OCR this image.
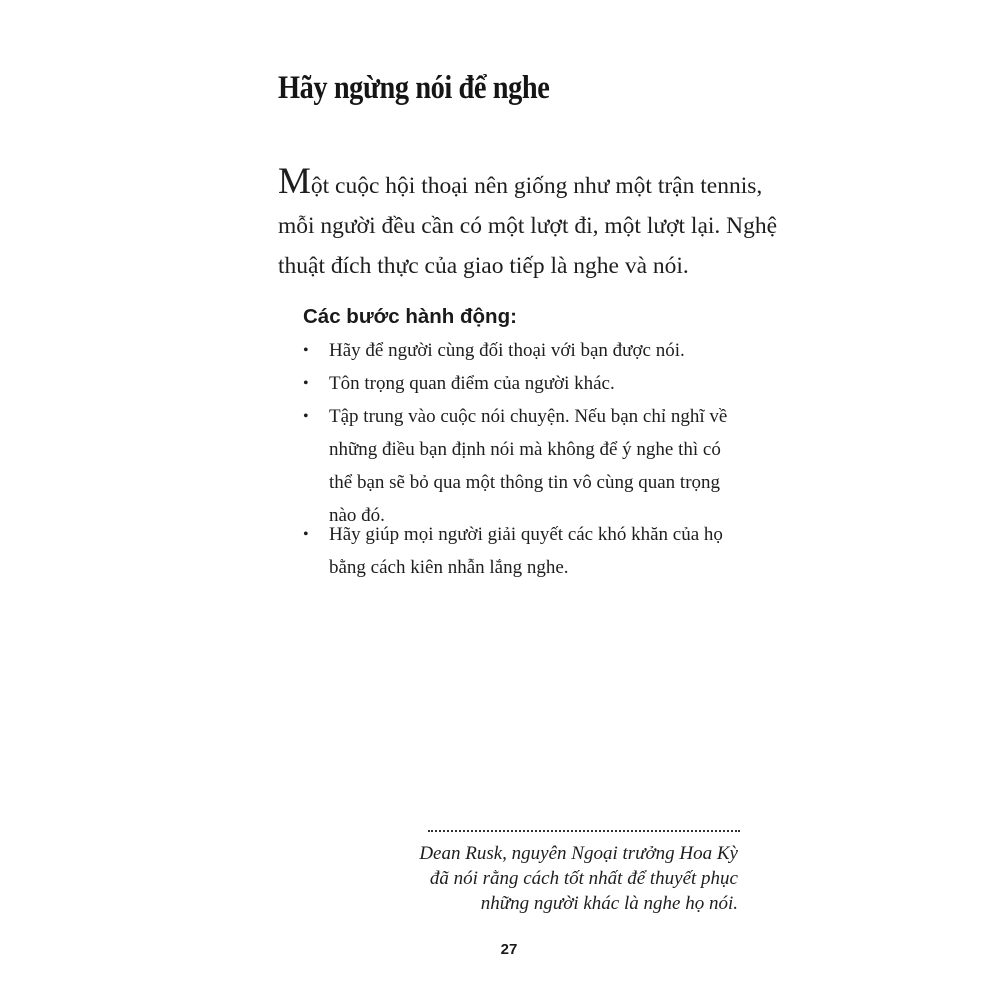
Hãy ngừng nói để nghe
Một cuộc hội thoại nên giống như một trận tennis,
mỗi người đều cần có một lượt đi, một lượt lại. Nghệ
thuật đích thực của giao tiếp là nghe và nói.
Các bước hành động:
• Hãy để người cùng đối thoại với bạn được nói.
• Tôn trọng quan điểm của người khác.
• Tập trung vào cuộc nói chuyện. Nếu bạn chỉ nghĩ về
những điều bạn định nói mà không để ý nghe thì có
thể bạn sẽ bỏ qua một thông tin vô cùng quan trọng
nào đó.
• Hãy giúp mọi người giải quyết các khó khăn của họ
bằng cách kiên nhẫn lắng nghe.
Dean Rusk, nguyên Ngoại trưởng Hoa Kỳ
đã nói rằng cách tốt nhất để thuyết phục
những người khác là nghe họ nói.
27
